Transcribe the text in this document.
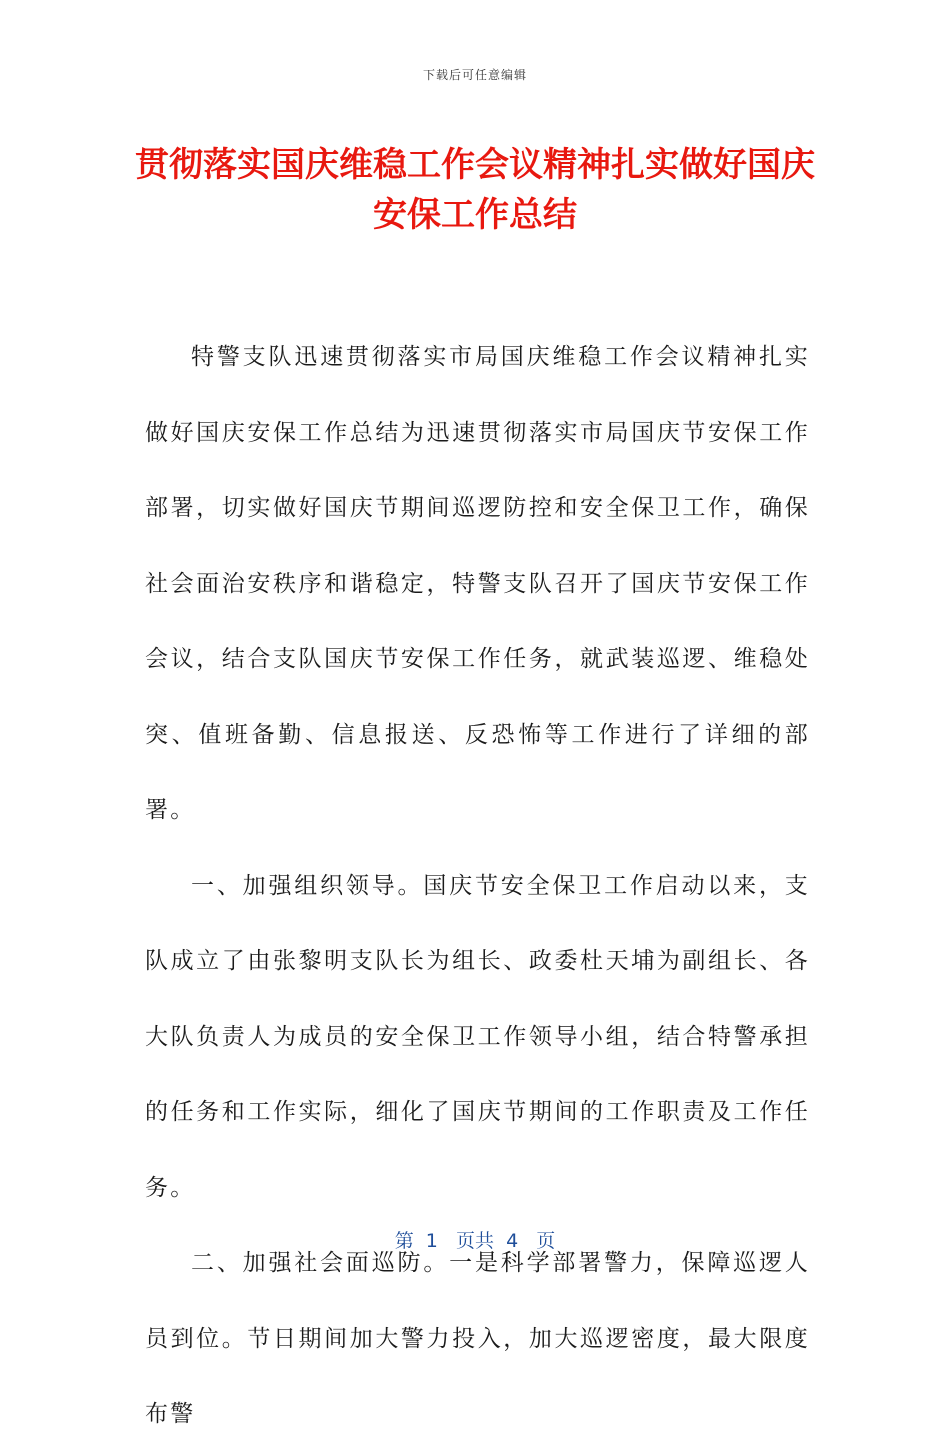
下载后可任意编辑
贯彻落实国庆维稳工作会议精神扎实做好国庆安保工作总结

特警支队迅速贯彻落实市局国庆维稳工作会议精神扎实做好国庆安保工作总结为迅速贯彻落实市局国庆节安保工作部署，切实做好国庆节期间巡逻防控和安全保卫工作，确保社会面治安秩序和谐稳定，特警支队召开了国庆节安保工作会议，结合支队国庆节安保工作任务，就武装巡逻、维稳处突、值班备勤、信息报送、反恐怖等工作进行了详细的部署。

一、加强组织领导。国庆节安全保卫工作启动以来，支队成立了由张黎明支队长为组长、政委杜天埔为副组长、各大队负责人为成员的安全保卫工作领导小组，结合特警承担的任务和工作实际，细化了国庆节期间的工作职责及工作任务。

二、加强社会面巡防。一是科学部署警力，保障巡逻人员到位。节日期间加大警力投入，加大巡逻密度，最大限度布警

第  1   页共  4   页
